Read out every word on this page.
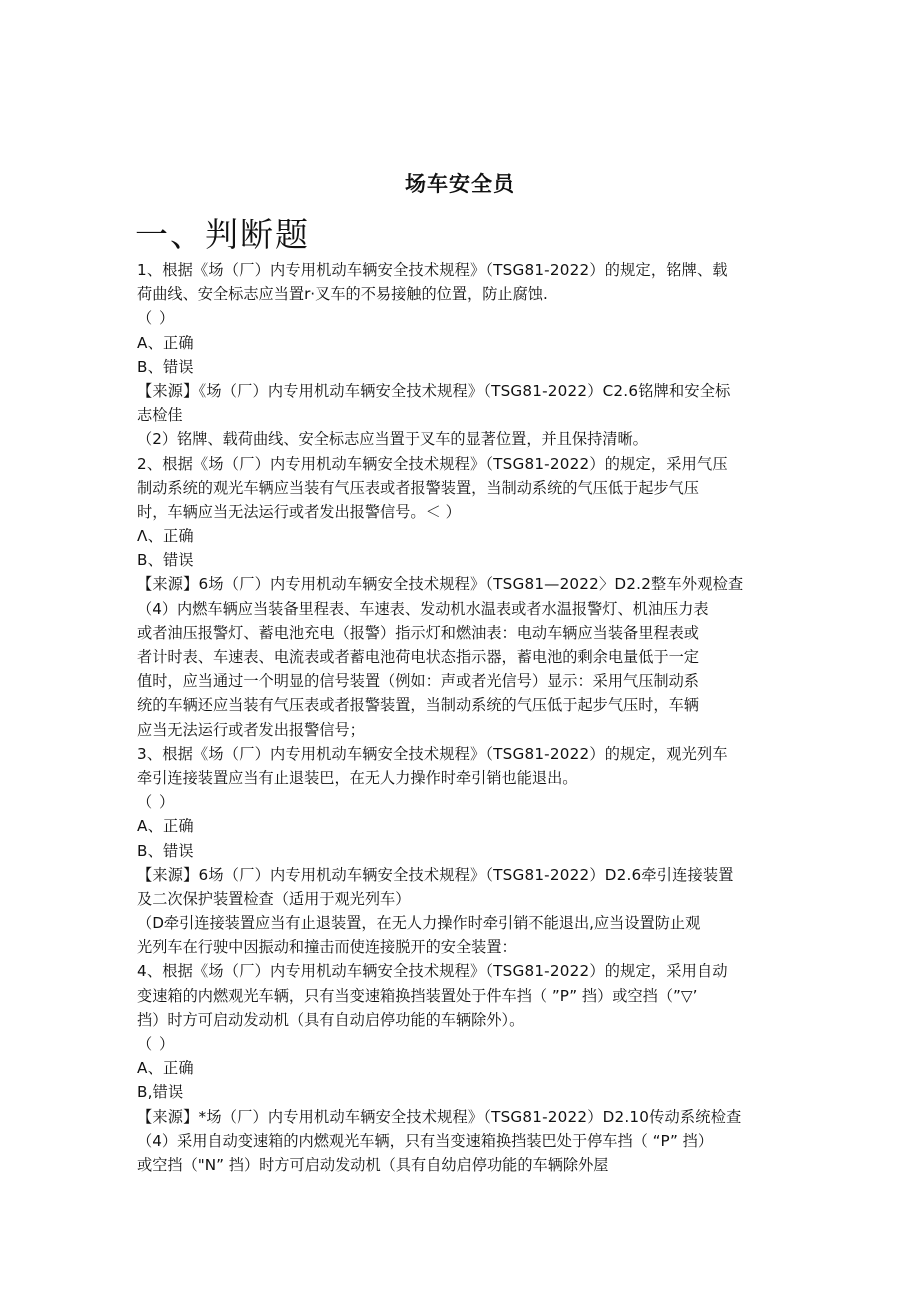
场车安全员
一、判断题
1、根据《场（厂）内专用机动车辆安全技术规程》（TSG81-2022）的规定，铭牌、载
荷曲线、安全标志应当置r·叉车的不易接触的位置，防止腐蚀.
（ ）
A、正确
B、错误
【来源】《场（厂）内专用机动车辆安全技术规程》（TSG81-2022）C2.6铭牌和安全标
志检佳
（2）铭牌、载荷曲线、安全标志应当置于叉车的显著位置，并且保持清晰。
2、根据《场（厂）内专用机动车辆安全技术规程》（TSG81-2022）的规定，采用气压
制动系统的观光车辆应当装有气压表或者报警装置，当制动系统的气压低于起步气压
时，车辆应当无法运行或者发出报警信号。＜ ）
Λ、正确
B、错误
【来源】6场（厂）内专用机动车辆安全技术规程》（TSG81—2022〉D2.2整车外观检查
（4）内燃车辆应当装备里程表、车速表、发动机水温表或者水温报警灯、机油压力表
或者油压报警灯、蓄电池充电（报警）指示灯和燃油表：电动车辆应当装备里程表或
者计时表、车速表、电流表或者蓄电池荷电状态指示器，蓄电池的剩余电量低于一定
值时，应当通过一个明显的信号装置（例如：声或者光信号）显示：采用气压制动系
统的车辆还应当装有气压表或者报警装置，当制动系统的气压低于起步气压时，车辆
应当无法运行或者发出报警信号；
3、根据《场（厂）内专用机动车辆安全技术规程》（TSG81-2022）的规定，观光列车
牵引连接装置应当有止退装巴，在无人力操作时牵引销也能退出。
（ ）
A、正确
B、错误
【来源】6场（厂）内专用机动车辆安全技术规程》（TSG81-2022）D2.6牵引连接装置
及二次保护装置检查（适用于观光列车）
（D牵引连接装置应当有止退装置，在无人力操作时牵引销不能退出,应当设置防止观
光列车在行驶中因振动和撞击而使连接脱开的安全装置：
4、根据《场（厂）内专用机动车辆安全技术规程》（TSG81-2022）的规定，采用自动
变速箱的内燃观光车辆，只有当变速箱换挡装置处于件车挡（ ”P” 挡）或空挡（”▽’
挡）时方可启动发动机（具有自动启停功能的车辆除外）。
（ ）
A、正确
B,错误
【来源】*场（厂）内专用机动车辆安全技术规程》（TSG81-2022）D2.10传动系统检查
（4）采用自动变速箱的内燃观光车辆，只有当变速箱换挡装巴处于停车挡（ “P” 挡）
或空挡（"N” 挡）时方可启动发动机（具有自幼启停功能的车辆除外屋
